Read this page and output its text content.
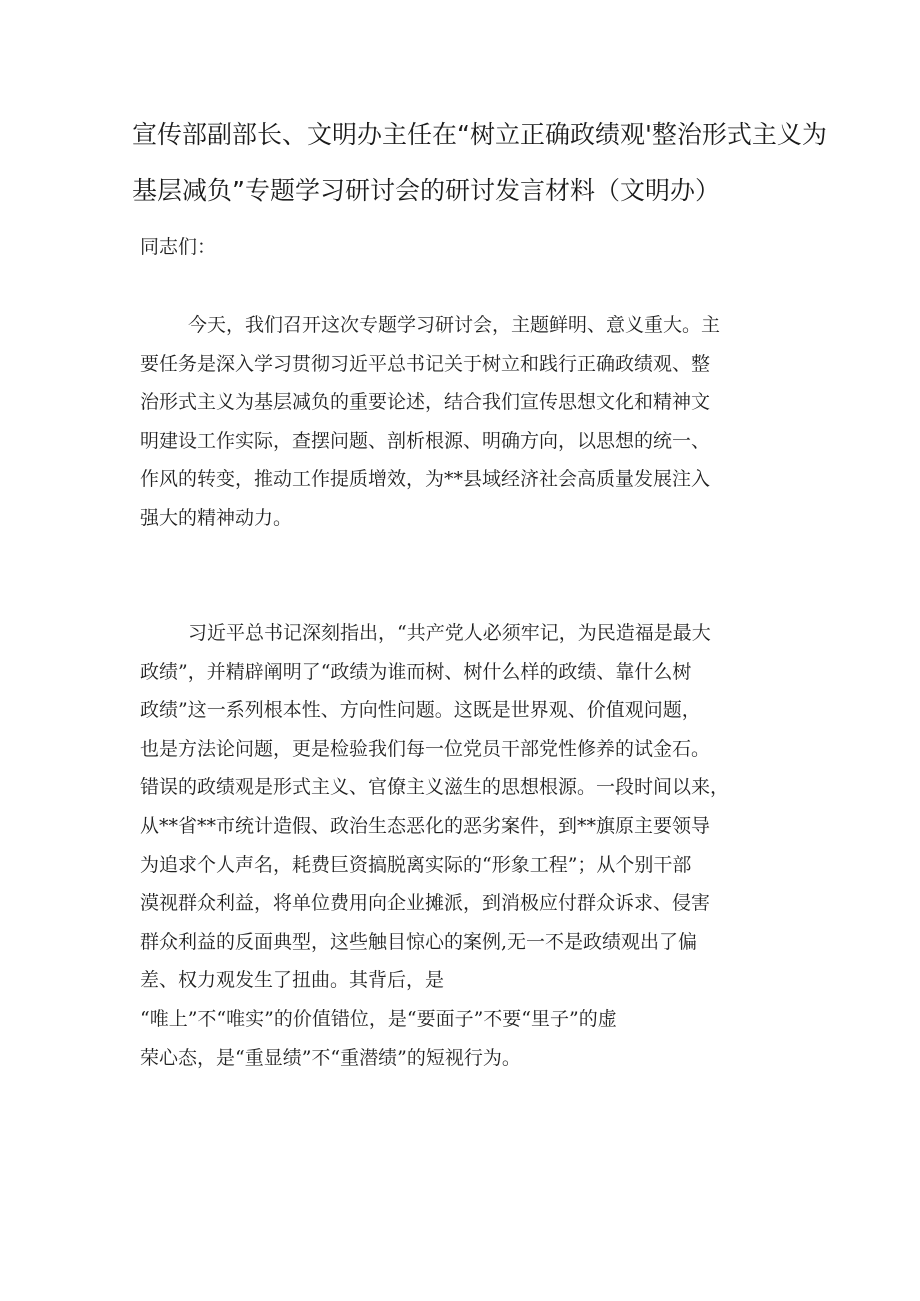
宣传部副部长、文明办主任在“树立正确政绩观'整治形式主义为
基层减负”专题学习研讨会的研讨发言材料（文明办）
同志们：
今天，我们召开这次专题学习研讨会，主题鲜明、意义重大。主
要任务是深入学习贯彻习近平总书记关于树立和践行正确政绩观、整
治形式主义为基层减负的重要论述，结合我们宣传思想文化和精神文
明建设工作实际，查摆问题、剖析根源、明确方向，以思想的统一、
作风的转变，推动工作提质增效，为**县域经济社会高质量发展注入
强大的精神动力。
习近平总书记深刻指出，“共产党人必须牢记，为民造福是最大
政绩”，并精辟阐明了“政绩为谁而树、树什么样的政绩、靠什么树
政绩”这一系列根本性、方向性问题。这既是世界观、价值观问题，
也是方法论问题，更是检验我们每一位党员干部党性修养的试金石。
错误的政绩观是形式主义、官僚主义滋生的思想根源。一段时间以来，
从**省**市统计造假、政治生态恶化的恶劣案件，到**旗原主要领导
为追求个人声名，耗费巨资搞脱离实际的“形象工程”；从个别干部
漠视群众利益，将单位费用向企业摊派，到消极应付群众诉求、侵害
群众利益的反面典型，这些触目惊心的案例,无一不是政绩观出了偏
差、权力观发生了扭曲。其背后，是
“唯上”不“唯实”的价值错位，是“要面子”不要“里子”的虚
荣心态，是“重显绩”不“重潜绩”的短视行为。
